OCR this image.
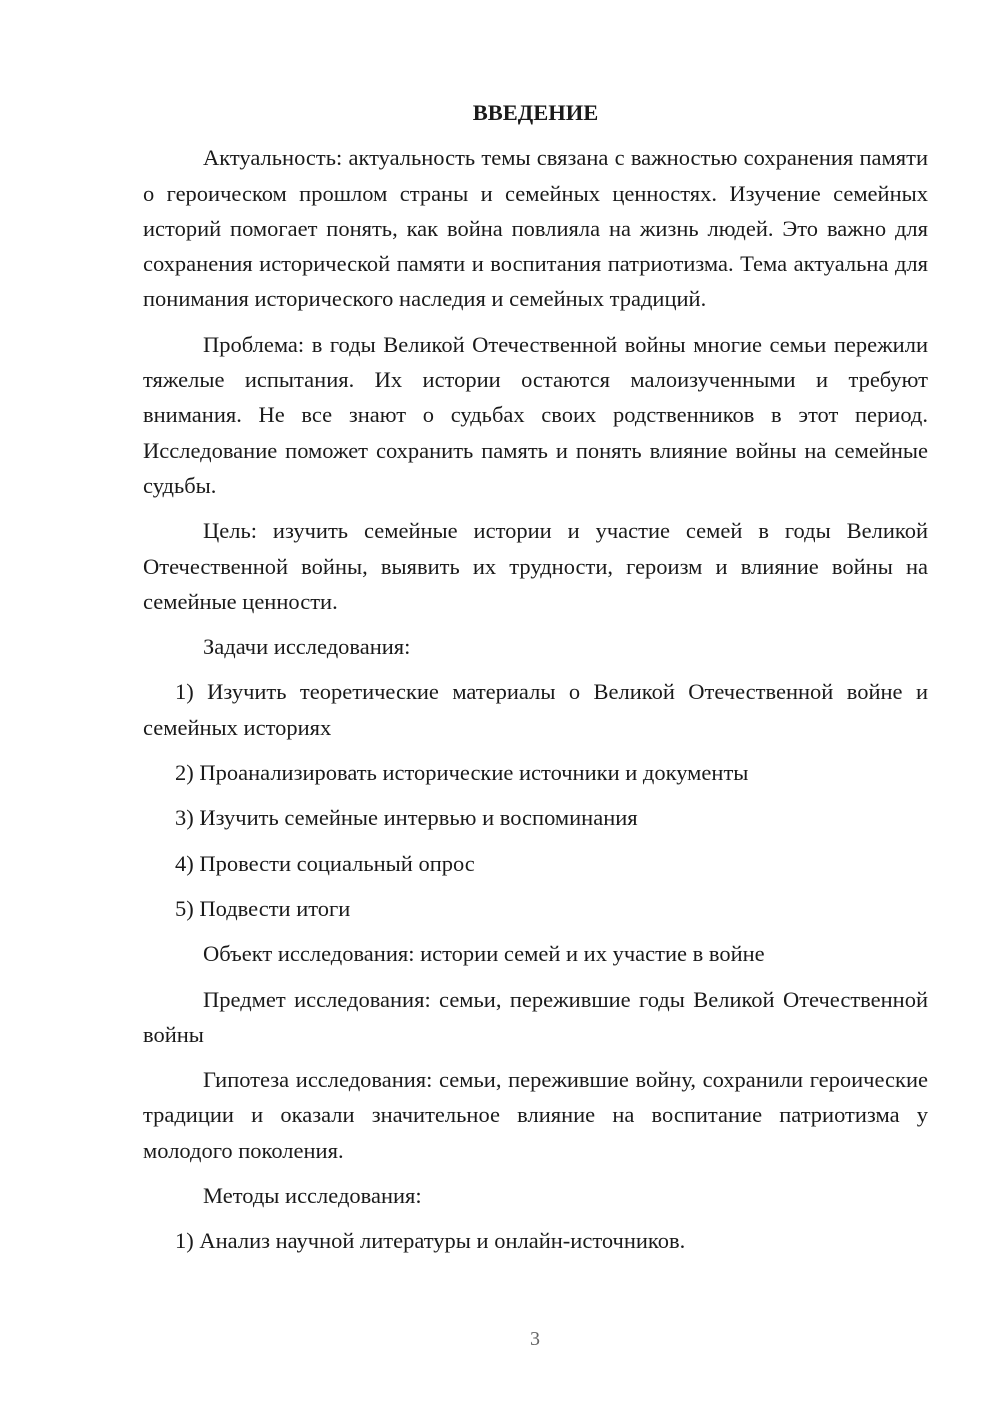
ВВЕДЕНИЕ

Актуальность: актуальность темы связана с важностью сохранения памяти о героическом прошлом страны и семейных ценностях. Изучение семейных историй помогает понять, как война повлияла на жизнь людей. Это важно для сохранения исторической памяти и воспитания патриотизма. Тема актуальна для понимания исторического наследия и семейных традиций.

Проблема: в годы Великой Отечественной войны многие семьи пережили тяжелые испытания. Их истории остаются малоизученными и требуют внимания. Не все знают о судьбах своих родственников в этот период. Исследование поможет сохранить память и понять влияние войны на семейные судьбы.

Цель: изучить семейные истории и участие семей в годы Великой Отечественной войны, выявить их трудности, героизм и влияние войны на семейные ценности.

Задачи исследования:

1) Изучить теоретические материалы о Великой Отечественной войне и семейных историях

2) Проанализировать исторические источники и документы

3) Изучить семейные интервью и воспоминания

4) Провести социальный опрос

5) Подвести итоги

Объект исследования: истории семей и их участие в войне

Предмет исследования: семьи, пережившие годы Великой Отечественной войны

Гипотеза исследования: семьи, пережившие войну, сохранили героические традиции и оказали значительное влияние на воспитание патриотизма у молодого поколения.

Методы исследования:

1) Анализ научной литературы и онлайн-источников.

3
